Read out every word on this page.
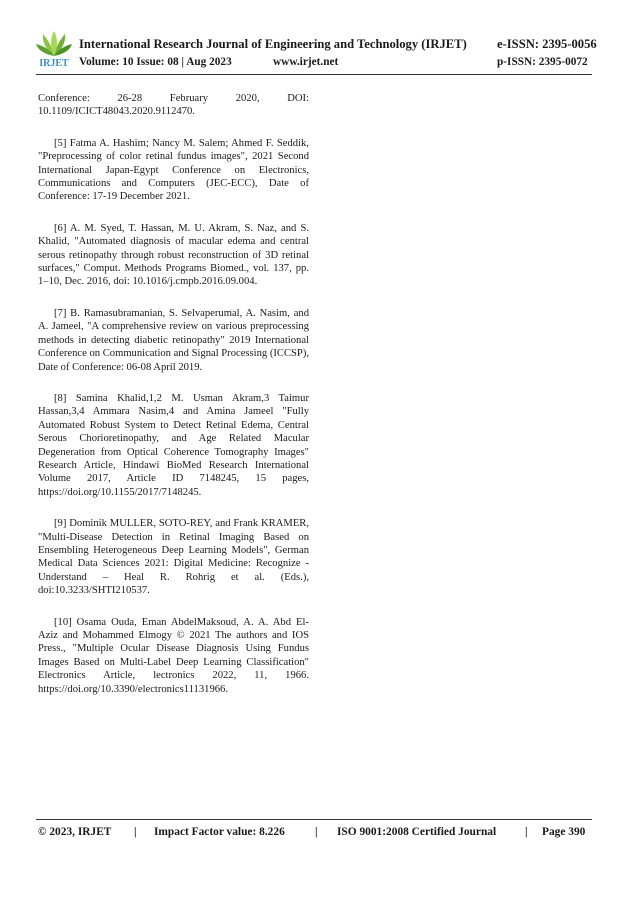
IRJET
International Research Journal of Engineering and Technology (IRJET) e-ISSN: 2395-0056
Volume: 10 Issue: 08 | Aug 2023	www.irjet.net	p-ISSN: 2395-0072

Conference: 26-28 February 2020, DOI: 10.1109/ICICT48043.2020.9112470.

[5] Fatma A. Hashim; Nancy M. Salem; Ahmed F. Seddik, "Preprocessing of color retinal fundus images", 2021 Second International Japan-Egypt Conference on Electronics, Communications and Computers (JEC-ECC), Date of Conference: 17-19 December 2021.

[6] A. M. Syed, T. Hassan, M. U. Akram, S. Naz, and S. Khalid, "Automated diagnosis of macular edema and central serous retinopathy through robust reconstruction of 3D retinal surfaces," Comput. Methods Programs Biomed., vol. 137, pp. 1–10, Dec. 2016, doi: 10.1016/j.cmpb.2016.09.004.

[7] B. Ramasubramanian, S. Selvaperumal, A. Nasim, and A. Jameel, "A comprehensive review on various preprocessing methods in detecting diabetic retinopathy" 2019 International Conference on Communication and Signal Processing (ICCSP), Date of Conference: 06-08 April 2019.

[8] Samina Khalid,1,2 M. Usman Akram,3 Taimur Hassan,3,4 Ammara Nasim,4 and Amina Jameel "Fully Automated Robust System to Detect Retinal Edema, Central Serous Chorioretinopathy, and Age Related Macular Degeneration from Optical Coherence Tomography Images" Research Article, Hindawi BioMed Research International Volume 2017, Article ID 7148245, 15 pages, https://doi.org/10.1155/2017/7148245.

[9] Dominik MULLER, SOTO-REY, and Frank KRAMER, "Multi-Disease Detection in Retinal Imaging Based on Ensembling Heterogeneous Deep Learning Models", German Medical Data Sciences 2021: Digital Medicine: Recognize - Understand – Heal R. Rohrig et al. (Eds.), doi:10.3233/SHTI210537.

[10] Osama Ouda, Eman AbdelMaksoud, A. A. Abd El-Aziz and Mohammed Elmogy © 2021 The authors and IOS Press., "Multiple Ocular Disease Diagnosis Using Fundus Images Based on Multi-Label Deep Learning Classification" Electronics Article, lectronics 2022, 11, 1966. https://doi.org/10.3390/electronics11131966.

© 2023, IRJET | Impact Factor value: 8.226	| ISO 9001:2008 Certified Journal	| Page 390
